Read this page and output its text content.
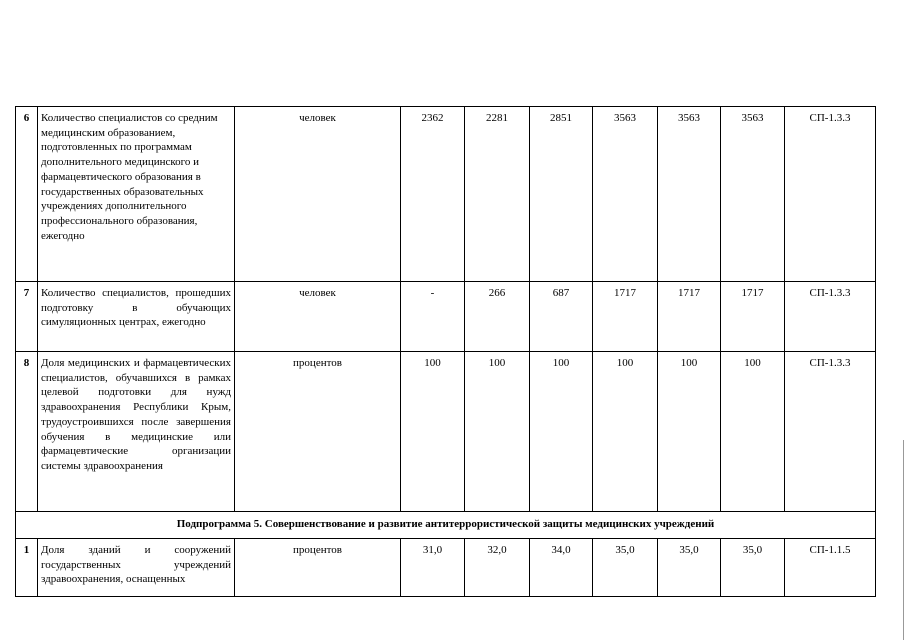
6	Количество специалистов со средним медицинским образованием, подготовленных по программам дополнительного медицинского и фармацевтического образования в государственных образовательных учреждениях дополнительного профессионального образования, ежегодно	человек	2362	2281	2851	3563	3563	3563	СП-1.3.3
7	Количество специалистов, прошедших подготовку в обучающих симуляционных центрах, ежегодно	человек	-	266	687	1717	1717	1717	СП-1.3.3
8	Доля медицинских и фармацевтических специалистов, обучавшихся в рамках целевой подготовки для нужд здравоохранения Республики Крым, трудоустроившихся после завершения обучения в медицинские или фармацевтические организации системы здравоохранения	процентов	100	100	100	100	100	100	СП-1.3.3
Подпрограмма 5. Совершенствование и развитие антитеррористической защиты медицинских учреждений									
1	Доля зданий и сооружений государственных учреждений здравоохранения, оснащенных	процентов	31,0	32,0	34,0	35,0	35,0	35,0	СП-1.1.5
